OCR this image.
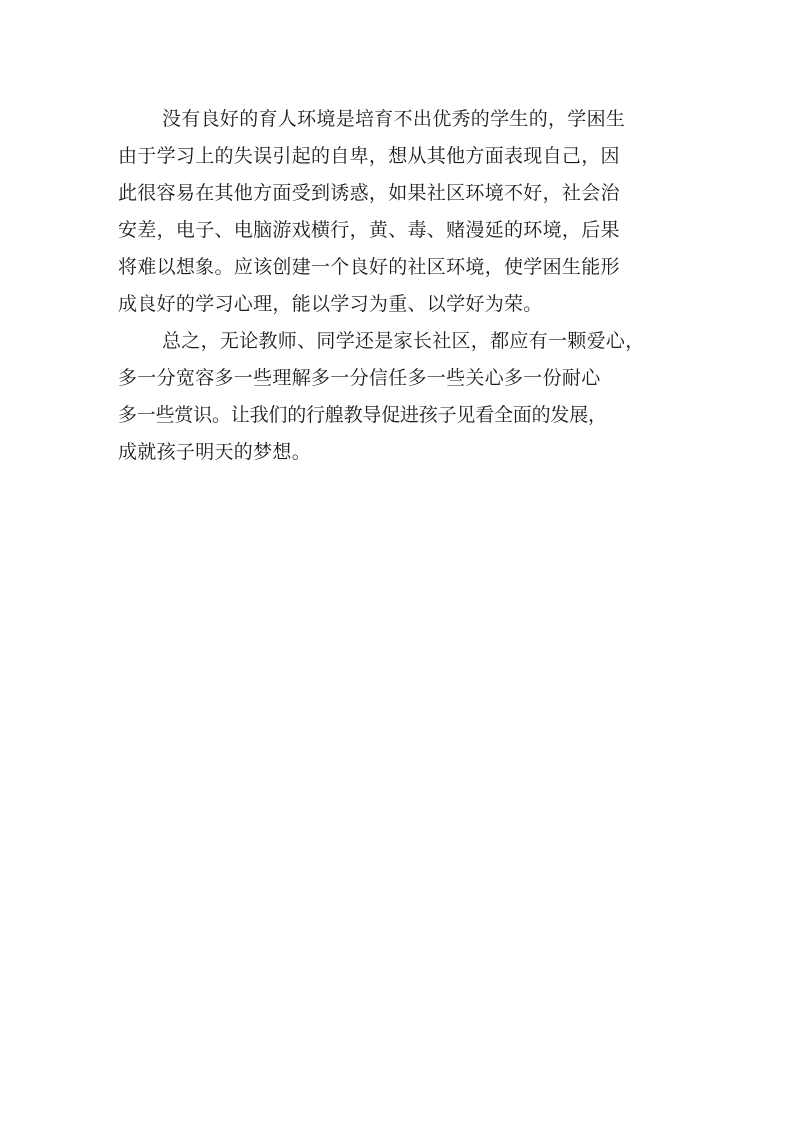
没有良好的育人环境是培育不出优秀的学生的，学困生
由于学习上的失误引起的自卑，想从其他方面表现自己，因
此很容易在其他方面受到诱惑，如果社区环境不好，社会治
安差，电子、电脑游戏横行，黄、毒、赌漫延的环境，后果
将难以想象。应该创建一个良好的社区环境，使学困生能形
成良好的学习心理，能以学习为重、以学好为荣。
总之，无论教师、同学还是家长社区，都应有一颗爱心，
多一分宽容多一些理解多一分信任多一些关心多一份耐心
多一些赏识。让我们的行艎教导促进孩子见看全面的发展，
成就孩子明天的梦想。
